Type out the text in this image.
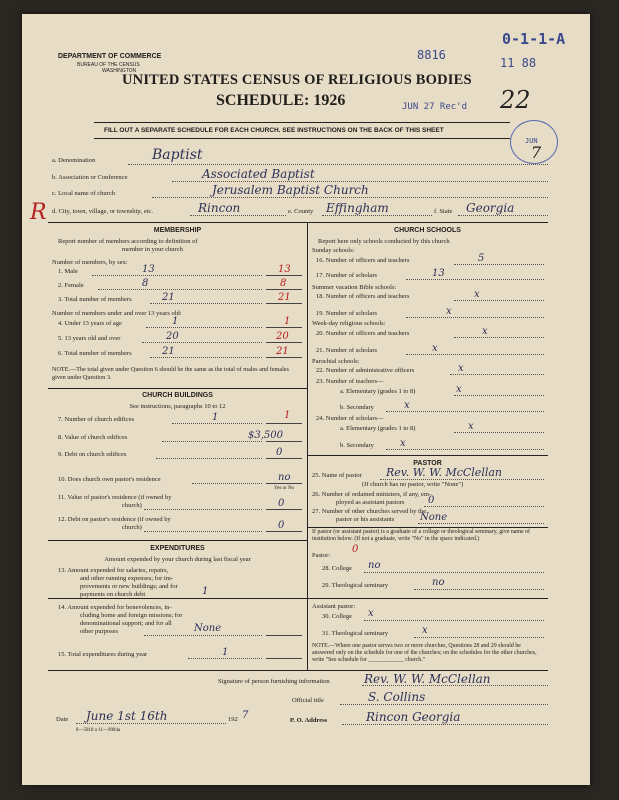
DEPARTMENT OF COMMERCE
BUREAU OF THE CENSUS
WASHINGTON
UNITED STATES CENSUS OF RELIGIOUS BODIES
SCHEDULE: 1926
0-1-1-A
8816
11 88
JUN 27 Rec'd 22
JUN
7
FILL OUT A SEPARATE SCHEDULE FOR EACH CHURCH. SEE INSTRUCTIONS ON THE BACK OF THIS SHEET
a. Denomination	Baptist
b. Association or Conference	Associated Baptist
c. Local name of church	Jerusalem Baptist Church
R d. City, town, village, or township, etc.	Rincon	e. County Effingham	f. State Georgia
MEMBERSHIP
Report number of members according to definition of
member in your church
Number of members, by sex:
1. Male	13	13
2. Female	8	8
3. Total number of members	21	21
Number of members under and over 13 years old:
4. Under 13 years of age	1	1
5. 13 years old and over	20	20
6. Total number of members	21	21
NOTE.—The total given under Question 6 should be the same as the total of males and females given under Question 3.
CHURCH BUILDINGS
See instructions, paragraphs 10 to 12
7. Number of church edifices	1	1
8. Value of church edifices	$3,500
9. Debt on church edifices	0
10. Does church own pastor's residence	no
Yes or No
11. Value of pastor's residence (if owned by
church)	0
12. Debt on pastor's residence (if owned by
church)	0
EXPENDITURES
Amount expended by your church during last fiscal year
13. Amount expended for salaries, repairs,
and other running expenses; for im-
provements or new buildings; and for
payments on church debt	1
14. Amount expended for benevolences, in-
cluding home and foreign missions; for
denominational support; and for all
other purposes	None
15. Total expenditures during year	1
CHURCH SCHOOLS
Report here only schools conducted by this church
Sunday schools:
16. Number of officers and teachers	5
17. Number of scholars	13
Summer vacation Bible schools:
18. Number of officers and teachers	x
19. Number of scholars	x
Week-day religious schools:
20. Number of officers and teachers	x
21. Number of scholars	x
Parochial schools:
22. Number of administrative officers	x
23. Number of teachers—
a. Elementary (grades 1 to 8)	x
b. Secondary	x
24. Number of scholars—
a. Elementary (grades 1 to 8)	x
b. Secondary	x
PASTOR
25. Name of pastor Rev. W. W. McClellan
(If church has no pastor, write "None")
26. Number of ordained ministers, if any, em-
ployed as assistant pastors 0
27. Number of other churches served by the
pastor or his assistants	None
If pastor (or assistant pastor) is a graduate of a college or theological seminary, give name of institution below. (If not a graduate, write "No" in the space indicated.)
Pastor:
0
28. College no
29. Theological seminary	no
Assistant pastor:
30. College x
31. Theological seminary	x
NOTE.—Where one pastor serves two or more churches, Questions 28 and 29 should be answered only on the schedule for one of the churches; on the schedules for the other churches, write "See schedule for ____________ church."
Signature of person furnishing information	Rev. W. W. McClellan
Official title	S. Collins
Date June 1st 16th	192 7	P. O. Address	Rincon Georgia
8—5818 a 11—9084a
